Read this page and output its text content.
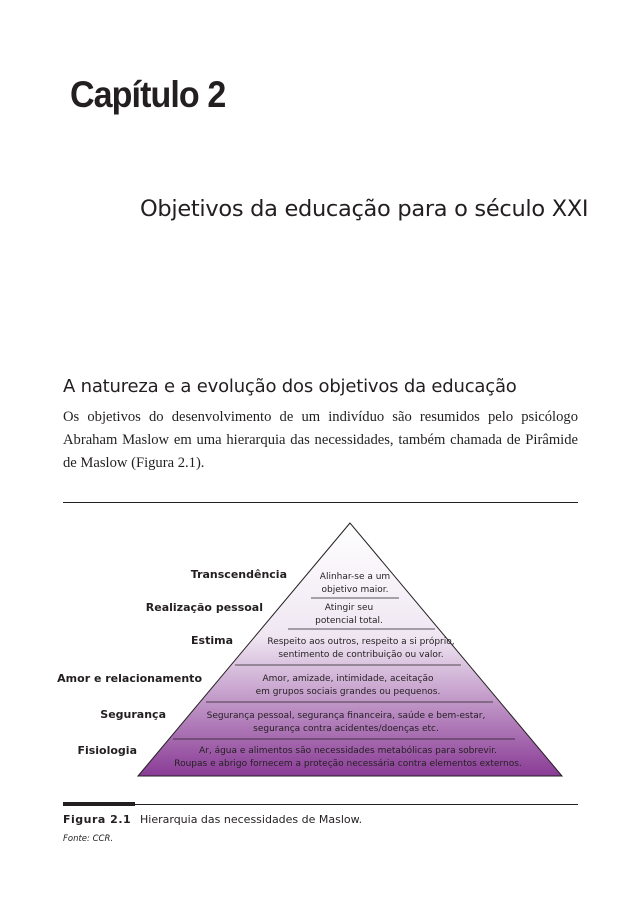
Capítulo 2
Objetivos da educação para o século XXI
A natureza e a evolução dos objetivos da educação
Os objetivos do desenvolvimento de um indivíduo são resumidos pelo psicólogo Abraham Maslow em uma hierarquia das necessidades, também chamada de Pirâmide de Maslow (Figura 2.1).
Transcendência	Alinhar-se a um
objetivo maior.
Realização pessoal	Atingir seu
potencial total.
Estima	Respeito aos outros, respeito a si próprio,
sentimento de contribuição ou valor.
Amor e relacionamento	Amor, amizade, intimidade, aceitação
em grupos sociais grandes ou pequenos.
Segurança	Segurança pessoal, segurança financeira, saúde e bem-estar,
segurança contra acidentes/doenças etc.
Fisiologia	Ar, água e alimentos são necessidades metabólicas para sobrevir.
Roupas e abrigo fornecem a proteção necessária contra elementos externos.
Figura 2.1 Hierarquia das necessidades de Maslow.
Fonte: CCR.
